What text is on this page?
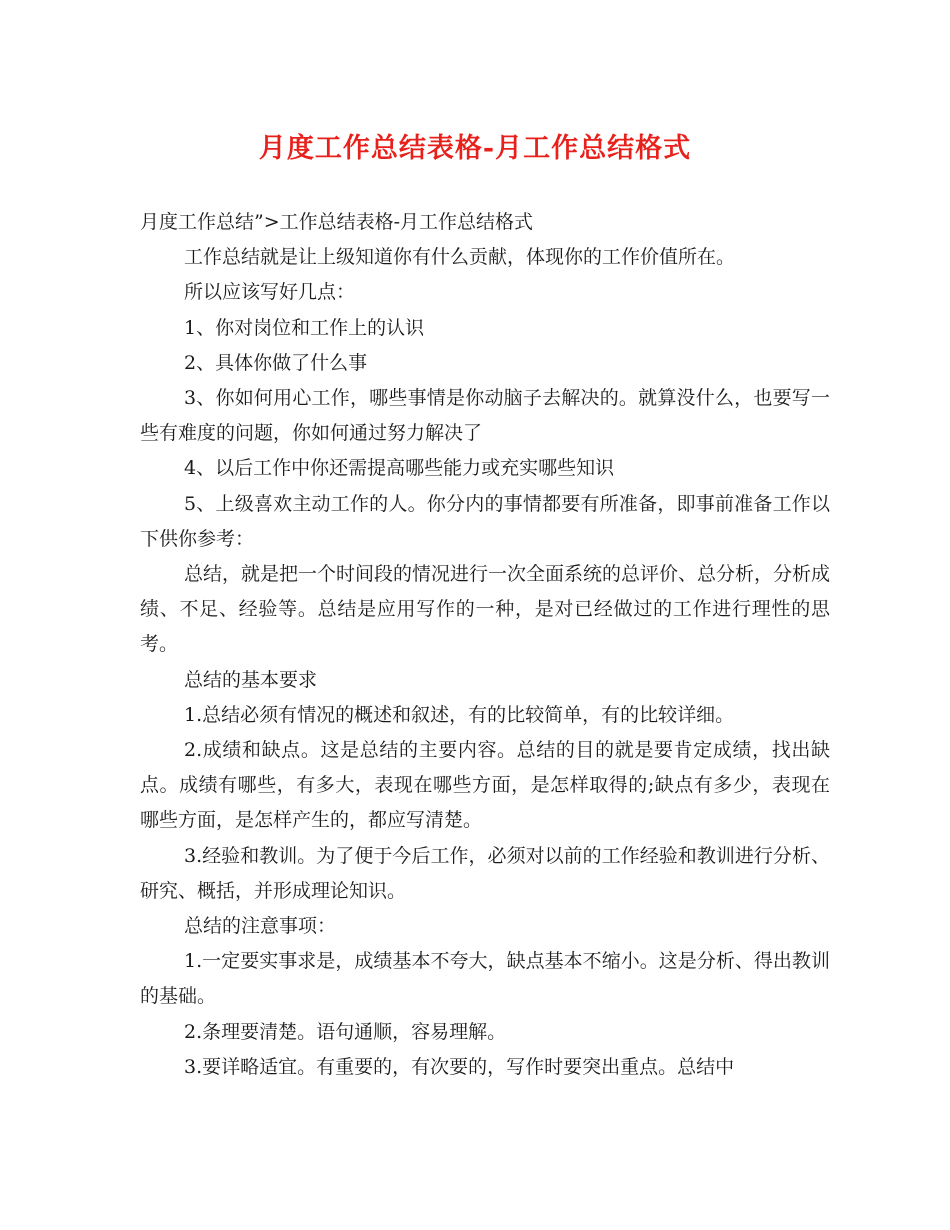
月度工作总结表格-月工作总结格式

月度工作总结”>工作总结表格-月工作总结格式

工作总结就是让上级知道你有什么贡献，体现你的工作价值所在。

所以应该写好几点：

1、你对岗位和工作上的认识

2、具体你做了什么事

3、你如何用心工作，哪些事情是你动脑子去解决的。就算没什么，也要写一些有难度的问题，你如何通过努力解决了

4、以后工作中你还需提高哪些能力或充实哪些知识

5、上级喜欢主动工作的人。你分内的事情都要有所准备，即事前准备工作以下供你参考：

总结，就是把一个时间段的情况进行一次全面系统的总评价、总分析，分析成绩、不足、经验等。总结是应用写作的一种，是对已经做过的工作进行理性的思考。

总结的基本要求

1.总结必须有情况的概述和叙述，有的比较简单，有的比较详细。

2.成绩和缺点。这是总结的主要内容。总结的目的就是要肯定成绩，找出缺点。成绩有哪些，有多大，表现在哪些方面，是怎样取得的;缺点有多少，表现在哪些方面，是怎样产生的，都应写清楚。

3.经验和教训。为了便于今后工作，必须对以前的工作经验和教训进行分析、研究、概括，并形成理论知识。

总结的注意事项：

1.一定要实事求是，成绩基本不夸大，缺点基本不缩小。这是分析、得出教训的基础。

2.条理要清楚。语句通顺，容易理解。

3.要详略适宜。有重要的，有次要的，写作时要突出重点。总结中
